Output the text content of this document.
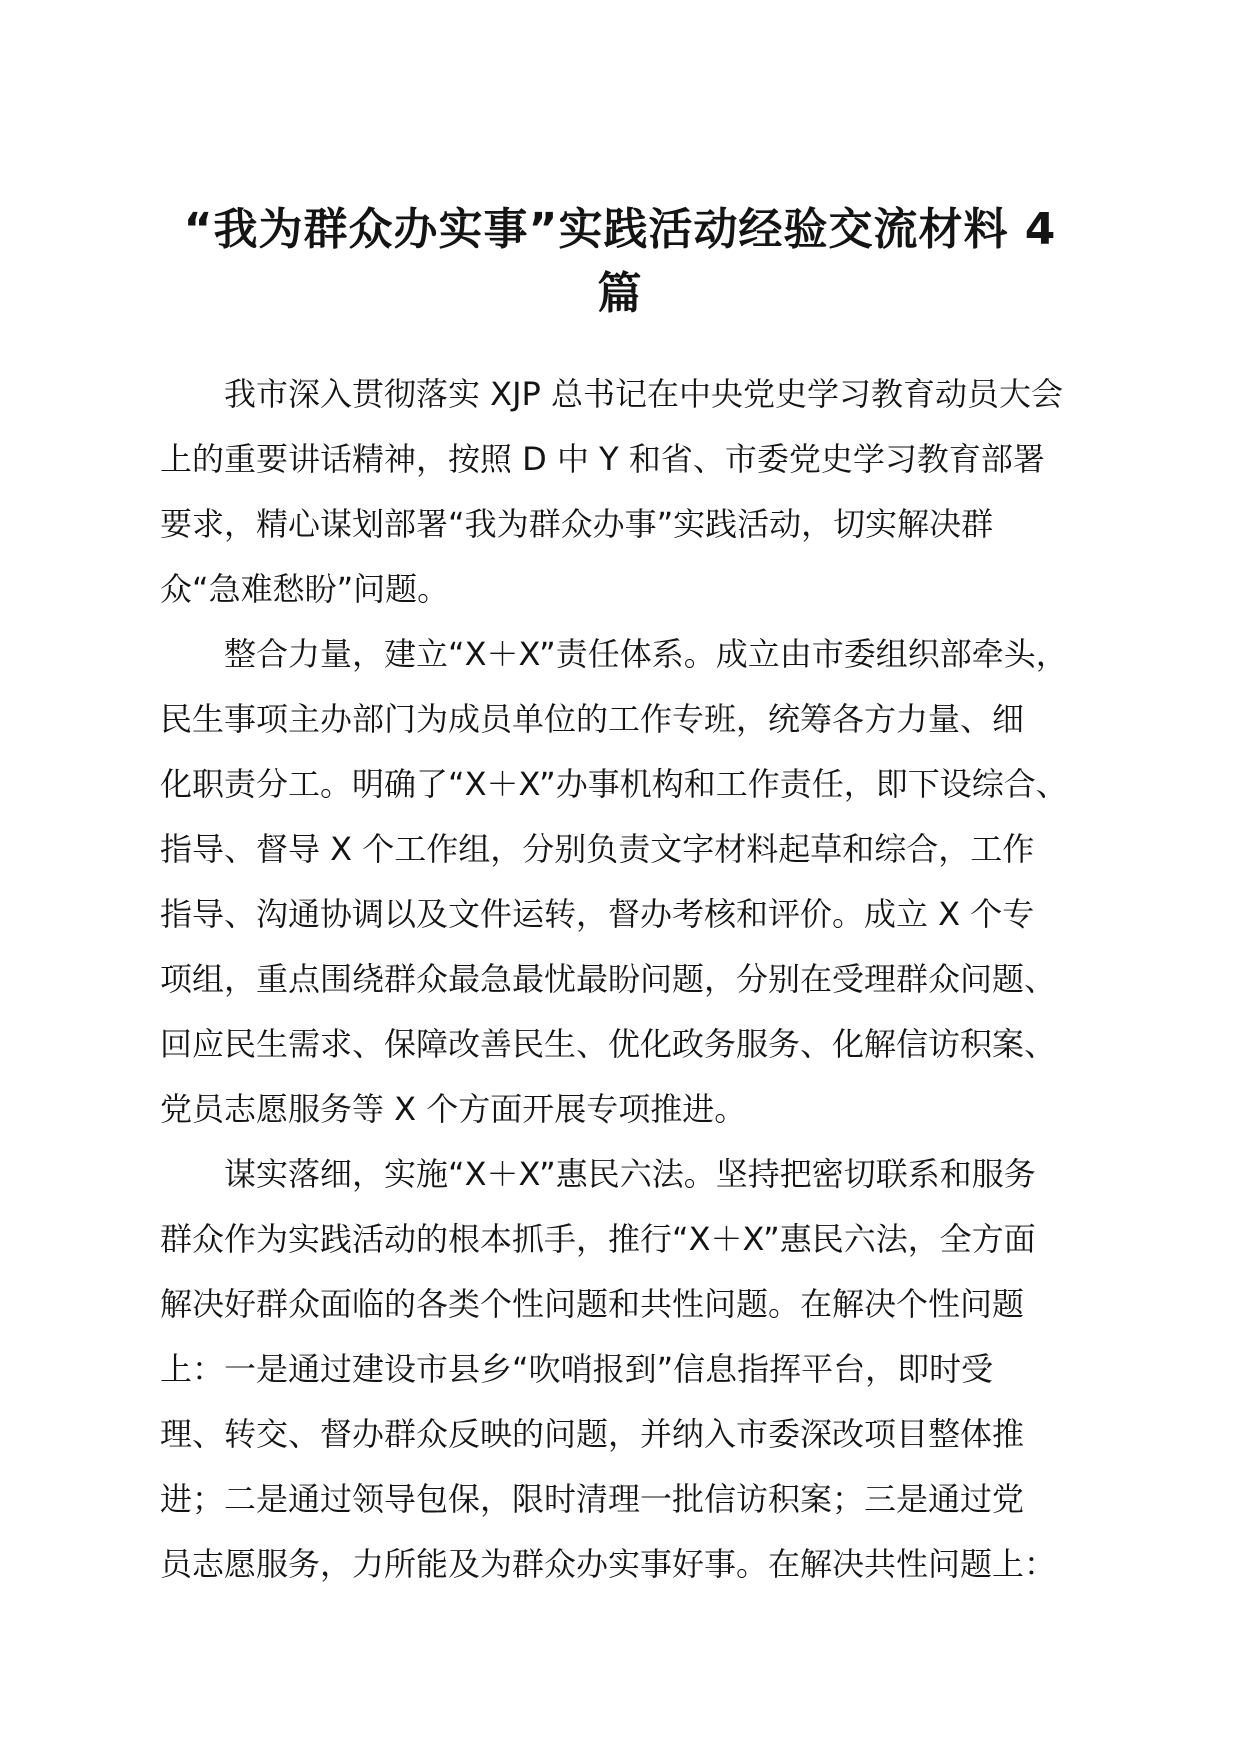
“我为群众办实事”实践活动经验交流材料 4
篇

我市深入贯彻落实 XJP 总书记在中央党史学习教育动员大会
上的重要讲话精神，按照 D 中 Y 和省、市委党史学习教育部署
要求，精心谋划部署“我为群众办事”实践活动，切实解决群
众“急难愁盼”问题。

整合力量，建立“X＋X”责任体系。成立由市委组织部牵头，
民生事项主办部门为成员单位的工作专班，统筹各方力量、细
化职责分工。明确了“X＋X”办事机构和工作责任，即下设综合、
指导、督导 X 个工作组，分别负责文字材料起草和综合，工作
指导、沟通协调以及文件运转，督办考核和评价。成立 X 个专
项组，重点围绕群众最急最忧最盼问题，分别在受理群众问题、
回应民生需求、保障改善民生、优化政务服务、化解信访积案、
党员志愿服务等 X 个方面开展专项推进。

谋实落细，实施“X＋X”惠民六法。坚持把密切联系和服务
群众作为实践活动的根本抓手，推行“X＋X”惠民六法，全方面
解决好群众面临的各类个性问题和共性问题。在解决个性问题
上：一是通过建设市县乡“吹哨报到”信息指挥平台，即时受
理、转交、督办群众反映的问题，并纳入市委深改项目整体推
进；二是通过领导包保，限时清理一批信访积案；三是通过党
员志愿服务，力所能及为群众办实事好事。在解决共性问题上：
